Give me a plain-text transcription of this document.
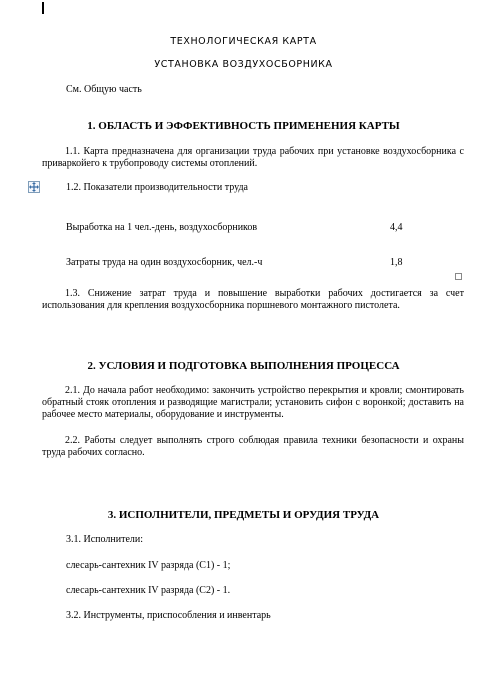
ТЕХНОЛОГИЧЕСКАЯ КАРТА
УСТАНОВКА ВОЗДУХОСБОРНИКА
См. Общую часть
1. ОБЛАСТЬ И ЭФФЕКТИВНОСТЬ ПРИМЕНЕНИЯ КАРТЫ
1.1. Карта предназначена для организации труда рабочих при установке воздухосборника с приваркойего к трубопроводу системы отоплений.
1.2. Показатели производительности труда
Выработка на 1 чел.-день, воздухосборников	4,4
Затраты труда на один воздухосборник, чел.-ч	1,8
1.3. Снижение затрат труда и повышение выработки рабочих достигается за счет использования для крепления воздухосборника поршневого монтажного пистолета.
2. УСЛОВИЯ И ПОДГОТОВКА ВЫПОЛНЕНИЯ ПРОЦЕССА
2.1. До начала работ необходимо: закончить устройство перекрытия и кровли; смонтировать обратный стояк отопления и разводящие магистрали; установить сифон с воронкой; доставить на рабочее место материалы, оборудование и инструменты.
2.2. Работы следует выполнять строго соблюдая правила техники безопасности и охраны труда рабочих согласно.
3. ИСПОЛНИТЕЛИ, ПРЕДМЕТЫ И ОРУДИЯ ТРУДА
3.1. Исполнители:
слесарь-сантехник IV разряда (С1) - 1;
слесарь-сантехник IV разряда (С2) - 1.
3.2. Инструменты, приспособления и инвентарь
